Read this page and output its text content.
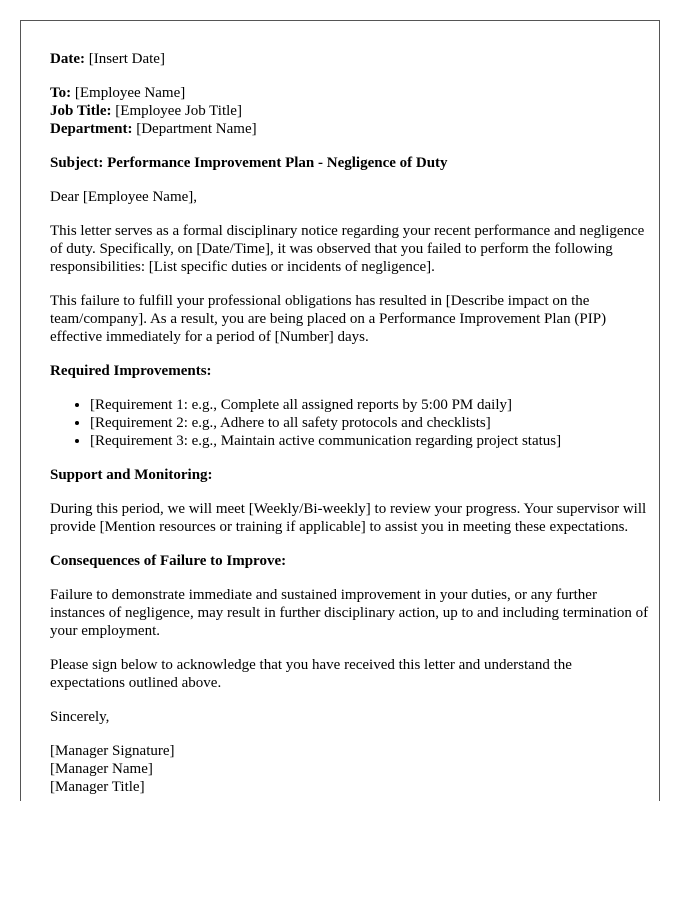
Date: [Insert Date]

To: [Employee Name]
Job Title: [Employee Job Title]
Department: [Department Name]

Subject: Performance Improvement Plan - Negligence of Duty

Dear [Employee Name],

This letter serves as a formal disciplinary notice regarding your recent performance and negligence of duty. Specifically, on [Date/Time], it was observed that you failed to perform the following responsibilities: [List specific duties or incidents of negligence].

This failure to fulfill your professional obligations has resulted in [Describe impact on the team/company]. As a result, you are being placed on a Performance Improvement Plan (PIP) effective immediately for a period of [Number] days.

Required Improvements:

• [Requirement 1: e.g., Complete all assigned reports by 5:00 PM daily]
• [Requirement 2: e.g., Adhere to all safety protocols and checklists]
• [Requirement 3: e.g., Maintain active communication regarding project status]

Support and Monitoring:

During this period, we will meet [Weekly/Bi-weekly] to review your progress. Your supervisor will provide [Mention resources or training if applicable] to assist you in meeting these expectations.

Consequences of Failure to Improve:

Failure to demonstrate immediate and sustained improvement in your duties, or any further instances of negligence, may result in further disciplinary action, up to and including termination of your employment.

Please sign below to acknowledge that you have received this letter and understand the expectations outlined above.

Sincerely,

[Manager Signature]
[Manager Name]
[Manager Title]
